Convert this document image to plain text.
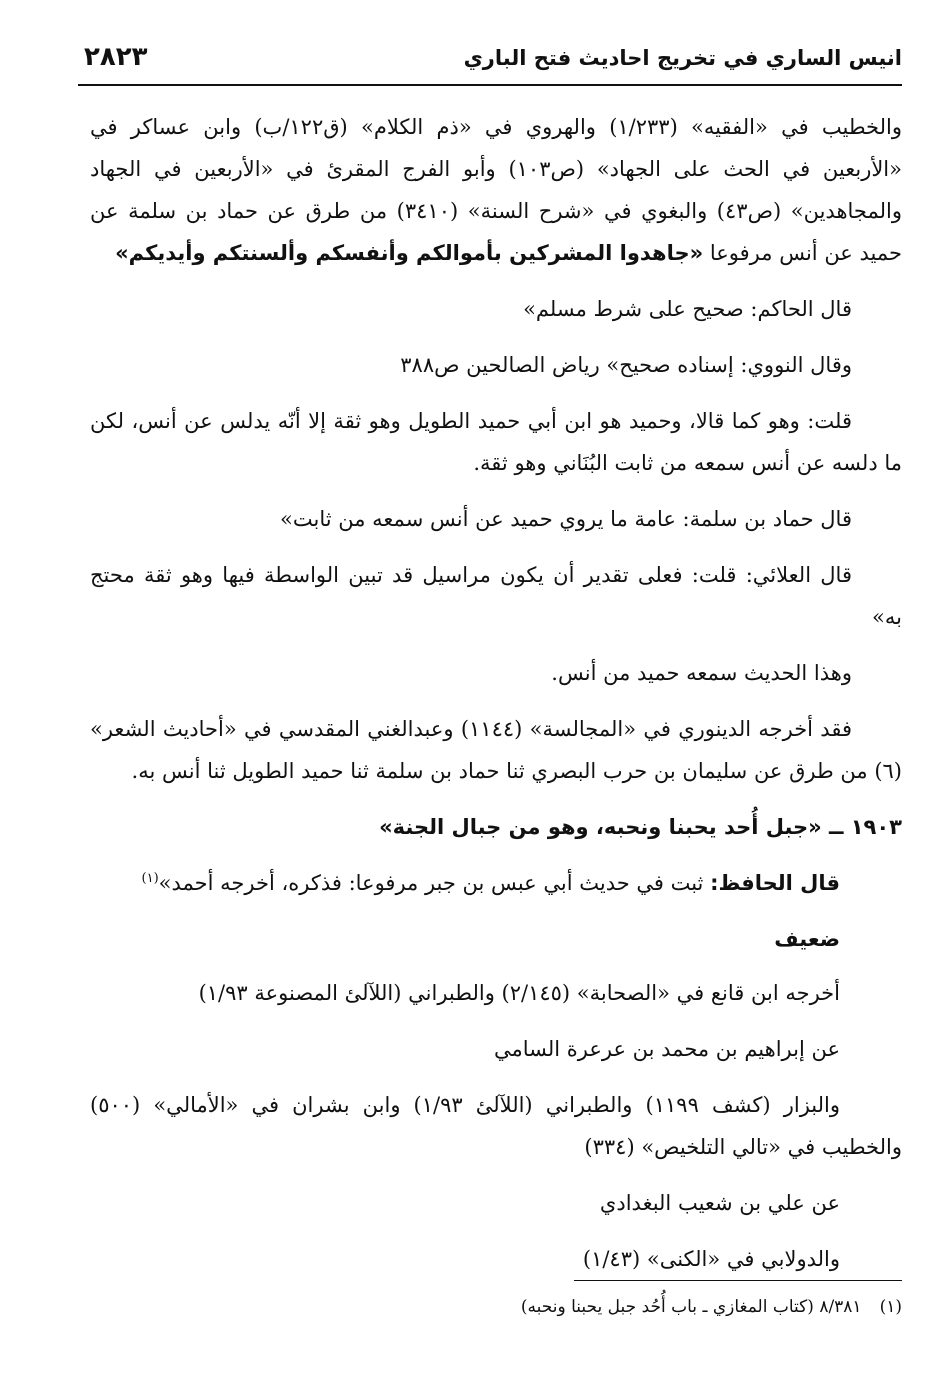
٢٨٢٣	انيس الساري في تخريج احاديث فتح الباري

والخطيب في «الفقيه» (١/٢٣٣) والهروي في «ذم الكلام» (ق١٢٢/ب) وابن عساكر في «الأربعين في الحث على الجهاد» (ص١٠٣) وأبو الفرج المقرئ في «الأربعين في الجهاد والمجاهدين» (ص٤٣) والبغوي في «شرح السنة» (٣٤١٠) من طرق عن حماد بن سلمة عن حميد عن أنس مرفوعا «جاهدوا المشركين بأموالكم وأنفسكم وألسنتكم وأيديكم»

قال الحاكم: صحيح على شرط مسلم»

وقال النووي: إسناده صحيح» رياض الصالحين ص٣٨٨

قلت: وهو كما قالا، وحميد هو ابن أبي حميد الطويل وهو ثقة إلا أنّه يدلس عن أنس، لكن ما دلسه عن أنس سمعه من ثابت البُنَاني وهو ثقة.

قال حماد بن سلمة: عامة ما يروي حميد عن أنس سمعه من ثابت»

قال العلائي: قلت: فعلى تقدير أن يكون مراسيل قد تبين الواسطة فيها وهو ثقة محتج به»

وهذا الحديث سمعه حميد من أنس.

فقد أخرجه الدينوري في «المجالسة» (١١٤٤) وعبدالغني المقدسي في «أحاديث الشعر» (٦) من طرق عن سليمان بن حرب البصري ثنا حماد بن سلمة ثنا حميد الطويل ثنا أنس به.

١٩٠٣ ــ «جبل أُحد يحبنا ونحبه، وهو من جبال الجنة»

قال الحافظ: ثبت في حديث أبي عبس بن جبر مرفوعا: فذكره، أخرجه أحمد»$^{(١)}$

ضعيف

أخرجه ابن قانع في «الصحابة» (٢/١٤٥) والطبراني (اللآلئ المصنوعة ١/٩٣)

عن إبراهيم بن محمد بن عرعرة السامي

والبزار (كشف ١١٩٩) والطبراني (اللآلئ ١/٩٣) وابن بشران في «الأمالي» (٥٠٠) والخطيب في «تالي التلخيص» (٣٣٤)

عن علي بن شعيب البغدادي

والدولابي في «الكنى» (١/٤٣)

(١)٨/٣٨١ (كتاب المغازي ـ باب أُحُد جبل يحبنا ونحبه)
